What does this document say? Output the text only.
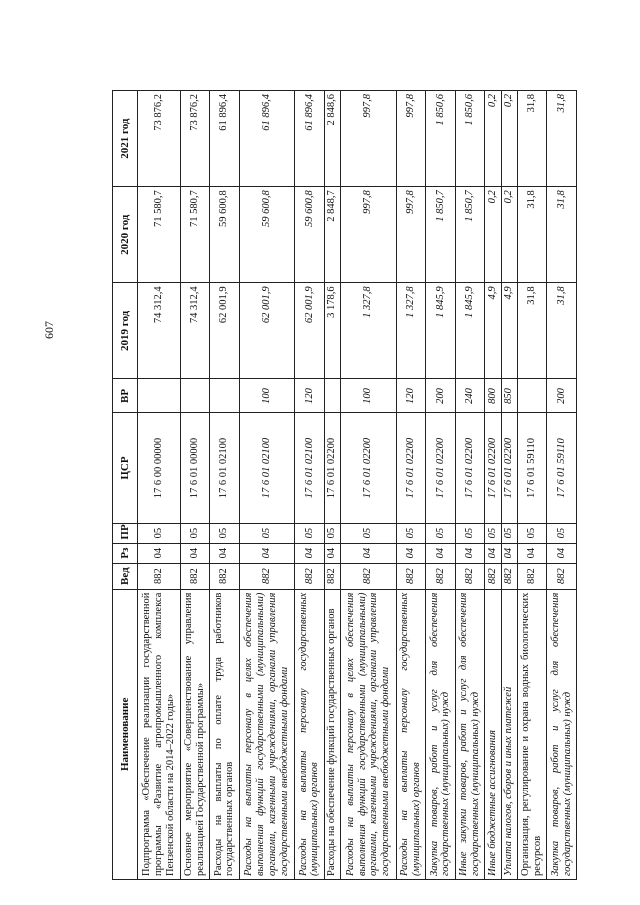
607
Наименование	Вед	Рз	ПР	ЦСР	ВР	2019 год	2020 год	2021 год
Подпрограмма «Обеспечение реализации государственной программы «Развитие агропромышленного комплекса Пензенской области на 2014–2022 годы»	882	04	05	17 6 00 00000		74 312,4	71 580,7	73 876,2
Основное мероприятие «Совершенствование управления реализацией Государственной программы»	882	04	05	17 6 01 00000		74 312,4	71 580,7	73 876,2
Расходы на выплаты по оплате труда работников государственных органов	882	04	05	17 6 01 02100		62 001,9	59 600,8	61 896,4
Расходы на выплаты персоналу в целях обеспечения выполнения функций государственными (муниципальными) органами, казенными учреждениями, органами управления государственными внебюджетными фондами	882	04	05	17 6 01 02100	100	62 001,9	59 600,8	61 896,4
Расходы на выплаты персоналу государственных (муниципальных) органов	882	04	05	17 6 01 02100	120	62 001,9	59 600,8	61 896,4
Расходы на обеспечение функций государственных органов	882	04	05	17 6 01 02200		3 178,6	2 848,7	2 848,6
Расходы на выплаты персоналу в целях обеспечения выполнения функций государственными (муниципальными) органами, казенными учреждениями, органами управления государственными внебюджетными фондами	882	04	05	17 6 01 02200	100	1 327,8	997,8	997,8
Расходы на выплаты персоналу государственных (муниципальных) органов	882	04	05	17 6 01 02200	120	1 327,8	997,8	997,8
Закупка товаров, работ и услуг для обеспечения государственных (муниципальных) нужд	882	04	05	17 6 01 02200	200	1 845,9	1 850,7	1 850,6
Иные закупки товаров, работ и услуг для обеспечения государственных (муниципальных) нужд	882	04	05	17 6 01 02200	240	1 845,9	1 850,7	1 850,6
Иные бюджетные ассигнования	882	04	05	17 6 01 02200	800	4,9	0,2	0,2
Уплата налогов, сборов и иных платежей	882	04	05	17 6 01 02200	850	4,9	0,2	0,2
Организация, регулирование и охрана водных биологических ресурсов	882	04	05	17 6 01 59110		31,8	31,8	31,8
Закупка товаров, работ и услуг для обеспечения государственных (муниципальных) нужд	882	04	05	17 6 01 59110	200	31,8	31,8	31,8
